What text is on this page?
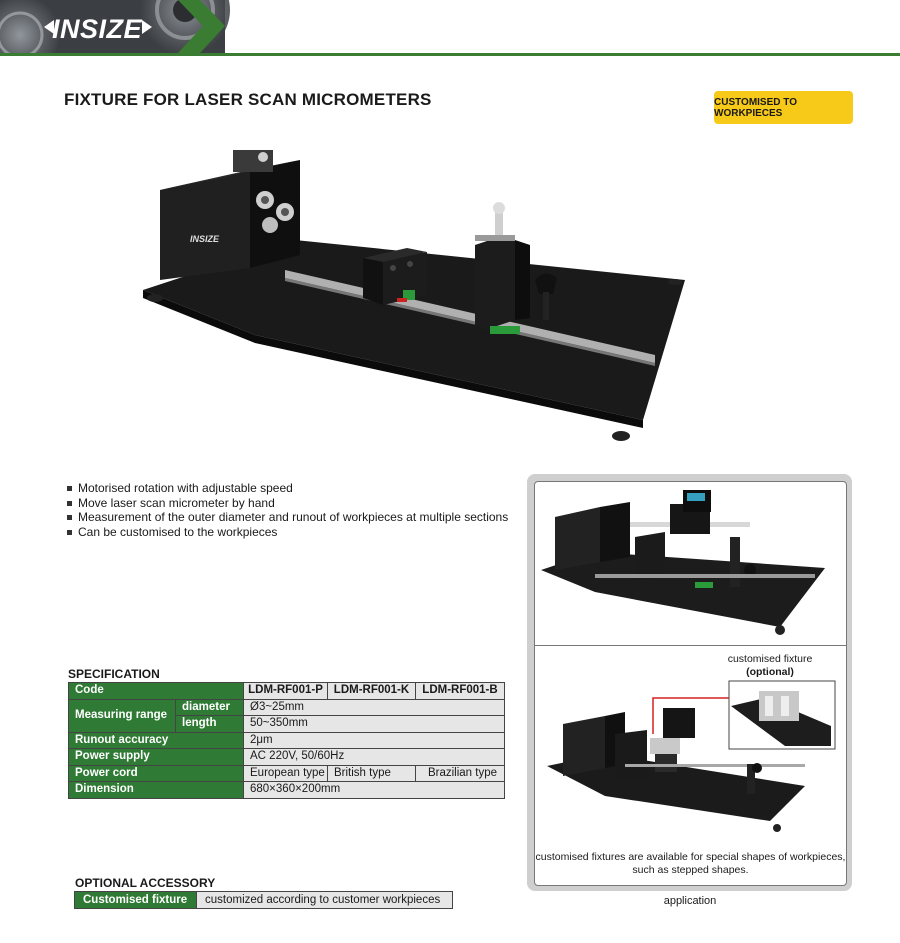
INSIZE
FIXTURE FOR LASER SCAN MICROMETERS	CUSTOMISED TO WORKPIECES
INSIZE
Motorised rotation with adjustable speed
Move laser scan micrometer by hand
Measurement of the outer diameter and runout of workpieces at multiple sections
Can be customised to the workpieces
SPECIFICATION
Code		LDM-RF001-P	LDM-RF001-K	LDM-RF001-B
Measuring range	diameter	Ø3~25mm		
	length	50~350mm		
Runout accuracy		2μm		
Power supply		AC 220V, 50/60Hz		
Power cord		European type	British type	Brazilian type
Dimension		680×360×200mm		
OPTIONAL ACCESSORY
Customised fixture	customized according to customer workpieces
customised fixture
(optional)
customised fixtures are available for special shapes of workpieces,
such as stepped shapes.
application
